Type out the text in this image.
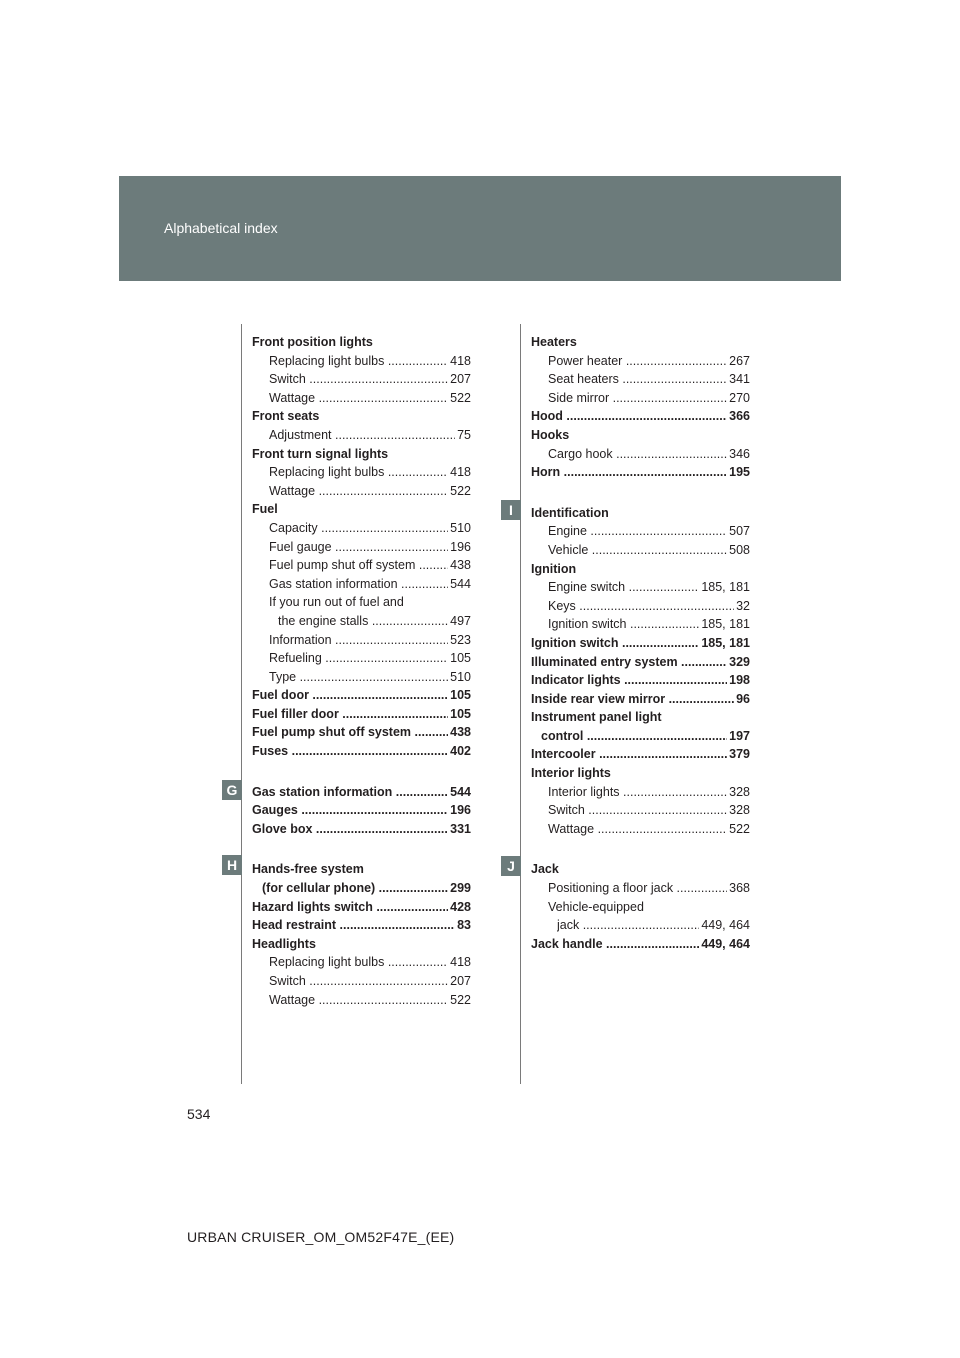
Alphabetical index
G
H
I
J
Front position lights
Replacing light bulbs .....	418
Switch .....	207
Wattage .....	522
Front seats
Adjustment .....	75
Front turn signal lights
Replacing light bulbs .....	418
Wattage .....	522
Fuel
Capacity .....	510
Fuel gauge .....	196
Fuel pump shut off system .....	438
Gas station information .....	544
If you run out of fuel and
the engine stalls .....	497
Information .....	523
Refueling .....	105
Type .....	510
Fuel door .....	105
Fuel filler door .....	105
Fuel pump shut off system .....	438
Fuses .....	402
Gas station information .....	544
Gauges .....	196
Glove box .....	331
Hands-free system
(for cellular phone) .....	299
Hazard lights switch .....	428
Head restraint .....	83
Headlights
Replacing light bulbs .....	418
Switch .....	207
Wattage .....	522
Heaters
Power heater .....	267
Seat heaters .....	341
Side mirror .....	270
Hood .....	366
Hooks
Cargo hook .....	346
Horn .....	195
Identification
Engine .....	507
Vehicle .....	508
Ignition
Engine switch .....	185, 181
Keys .....	32
Ignition switch .....	185, 181
Ignition switch .....	185, 181
Illuminated entry system .....	329
Indicator lights .....	198
Inside rear view mirror .....	96
Instrument panel light
control .....	197
Intercooler .....	379
Interior lights
Interior lights .....	328
Switch .....	328
Wattage .....	522
Jack
Positioning a floor jack .....	368
Vehicle-equipped
jack .....	449, 464
Jack handle .....	449, 464
534
URBAN CRUISER_OM_OM52F47E_(EE)
